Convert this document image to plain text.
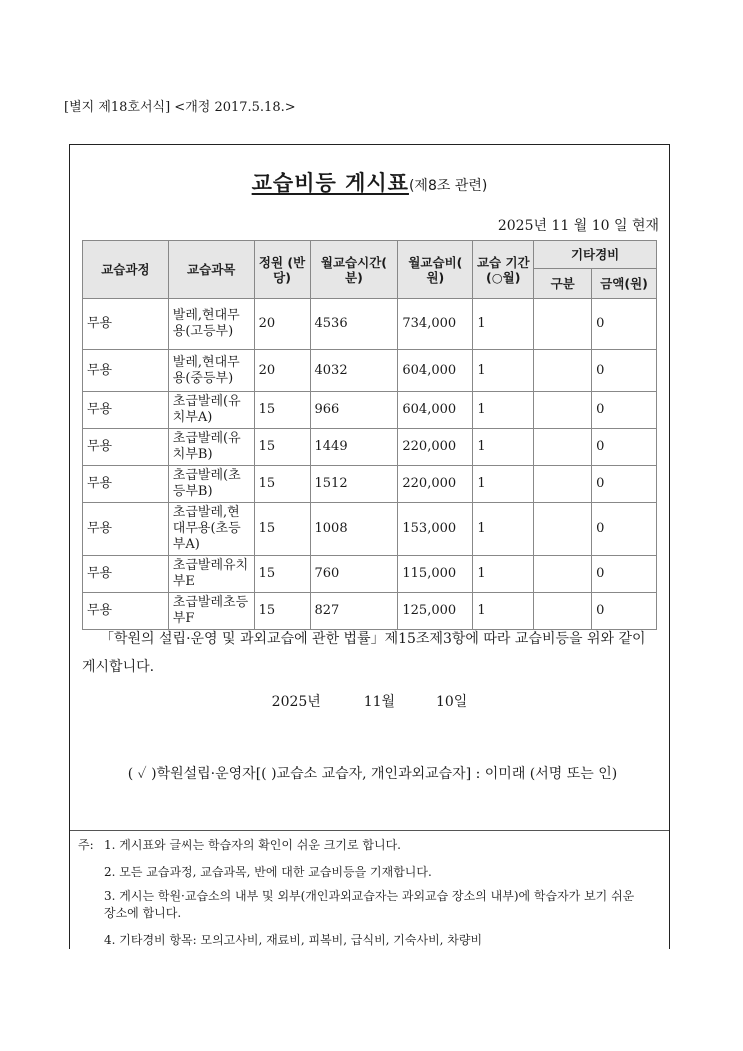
[별지 제18호서식] <개정 2017.5.18.>
교습비등 게시표(제8조 관련)
2025년 11 월 10 일 현재
교습과정	교습과목	정원 (반당)	월교습시간( 분)	월교습비( 원)	교습 기간 (○월)	기타경비	
						구분	금액(원)
무용	발레,현대무용(고등부)	20	4536	734,000	1		0
무용	발레,현대무용(중등부)	20	4032	604,000	1		0
무용	초급발레(유치부A)	15	966	604,000	1		0
무용	초급발레(유치부B)	15	1449	220,000	1		0
무용	초급발레(초등부B)	15	1512	220,000	1		0
무용	초급발레,현대무용(초등부A)	15	1008	153,000	1		0
무용	초급발레유치부E	15	760	115,000	1		0
무용	초급발레초등부F	15	827	125,000	1		0
「학원의 설립·운영 및 과외교습에 관한 법률」제15조제3항에 따라 교습비등을 위와 같이 게시합니다.
2025년	11월	10일
( ✓ )학원설립·운영자[( )교습소 교습자, 개인과외교습자] : 이미래 (서명 또는 인)
주: 1. 게시표와 글씨는 학습자의 확인이 쉬운 크기로 합니다.
2. 모든 교습과정, 교습과목, 반에 대한 교습비등을 기재합니다.
3. 게시는 학원·교습소의 내부 및 외부(개인과외교습자는 과외교습 장소의 내부)에 학습자가 보기 쉬운 장소에 합니다.
4. 기타경비 항목: 모의고사비, 재료비, 피복비, 급식비, 기숙사비, 차량비
